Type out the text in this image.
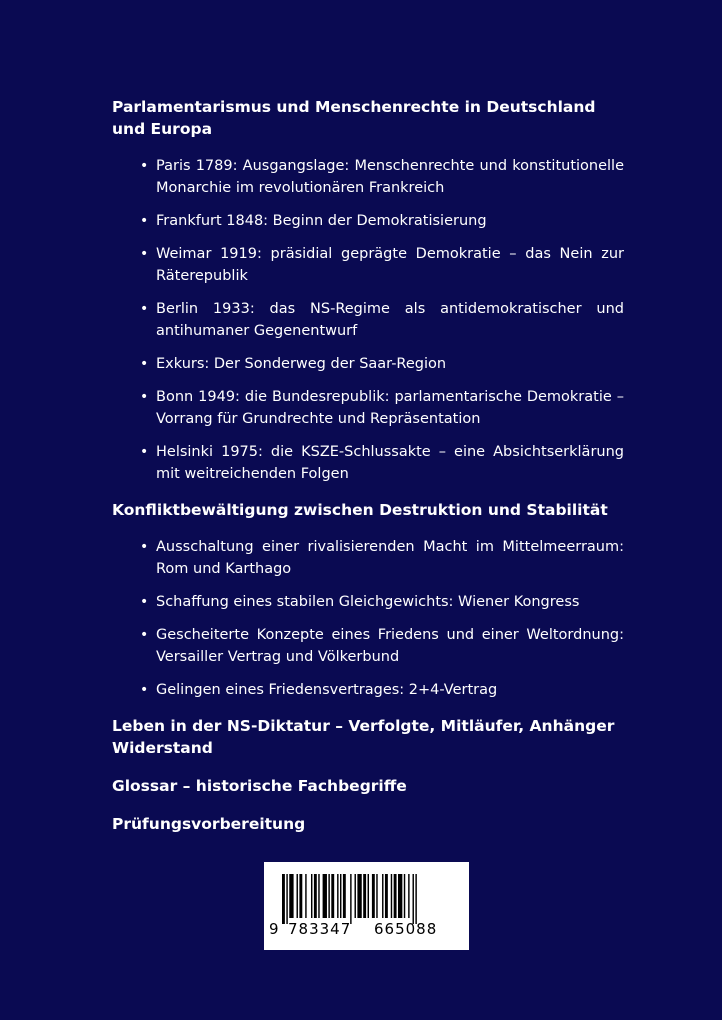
Parlamentarismus und Menschenrechte in Deutschland und Europa

• Paris 1789: Ausgangslage: Menschenrechte und konstitutionelle Monarchie im revolutionären Frankreich
• Frankfurt 1848: Beginn der Demokratisierung
• Weimar 1919: präsidial geprägte Demokratie – das Nein zur Räterepublik
• Berlin 1933: das NS-Regime als antidemokratischer und antihumaner Gegenentwurf
• Exkurs: Der Sonderweg der Saar-Region
• Bonn 1949: die Bundesrepublik: parlamentarische Demokratie – Vorrang für Grundrechte und Repräsentation
• Helsinki 1975: die KSZE-Schlussakte – eine Absichtserklärung mit weitreichenden Folgen

Konfliktbewältigung zwischen Destruktion und Stabilität

• Ausschaltung einer rivalisierenden Macht im Mittelmeerraum: Rom und Karthago
• Schaffung eines stabilen Gleichgewichts: Wiener Kongress
• Gescheiterte Konzepte eines Friedens und einer Weltordnung: Versailler Vertrag und Völkerbund
• Gelingen eines Friedensvertrages: 2+4-Vertrag

Leben in der NS-Diktatur – Verfolgte, Mitläufer, Anhänger Widerstand

Glossar – historische Fachbegriffe

Prüfungsvorbereitung

9 783347 665088
